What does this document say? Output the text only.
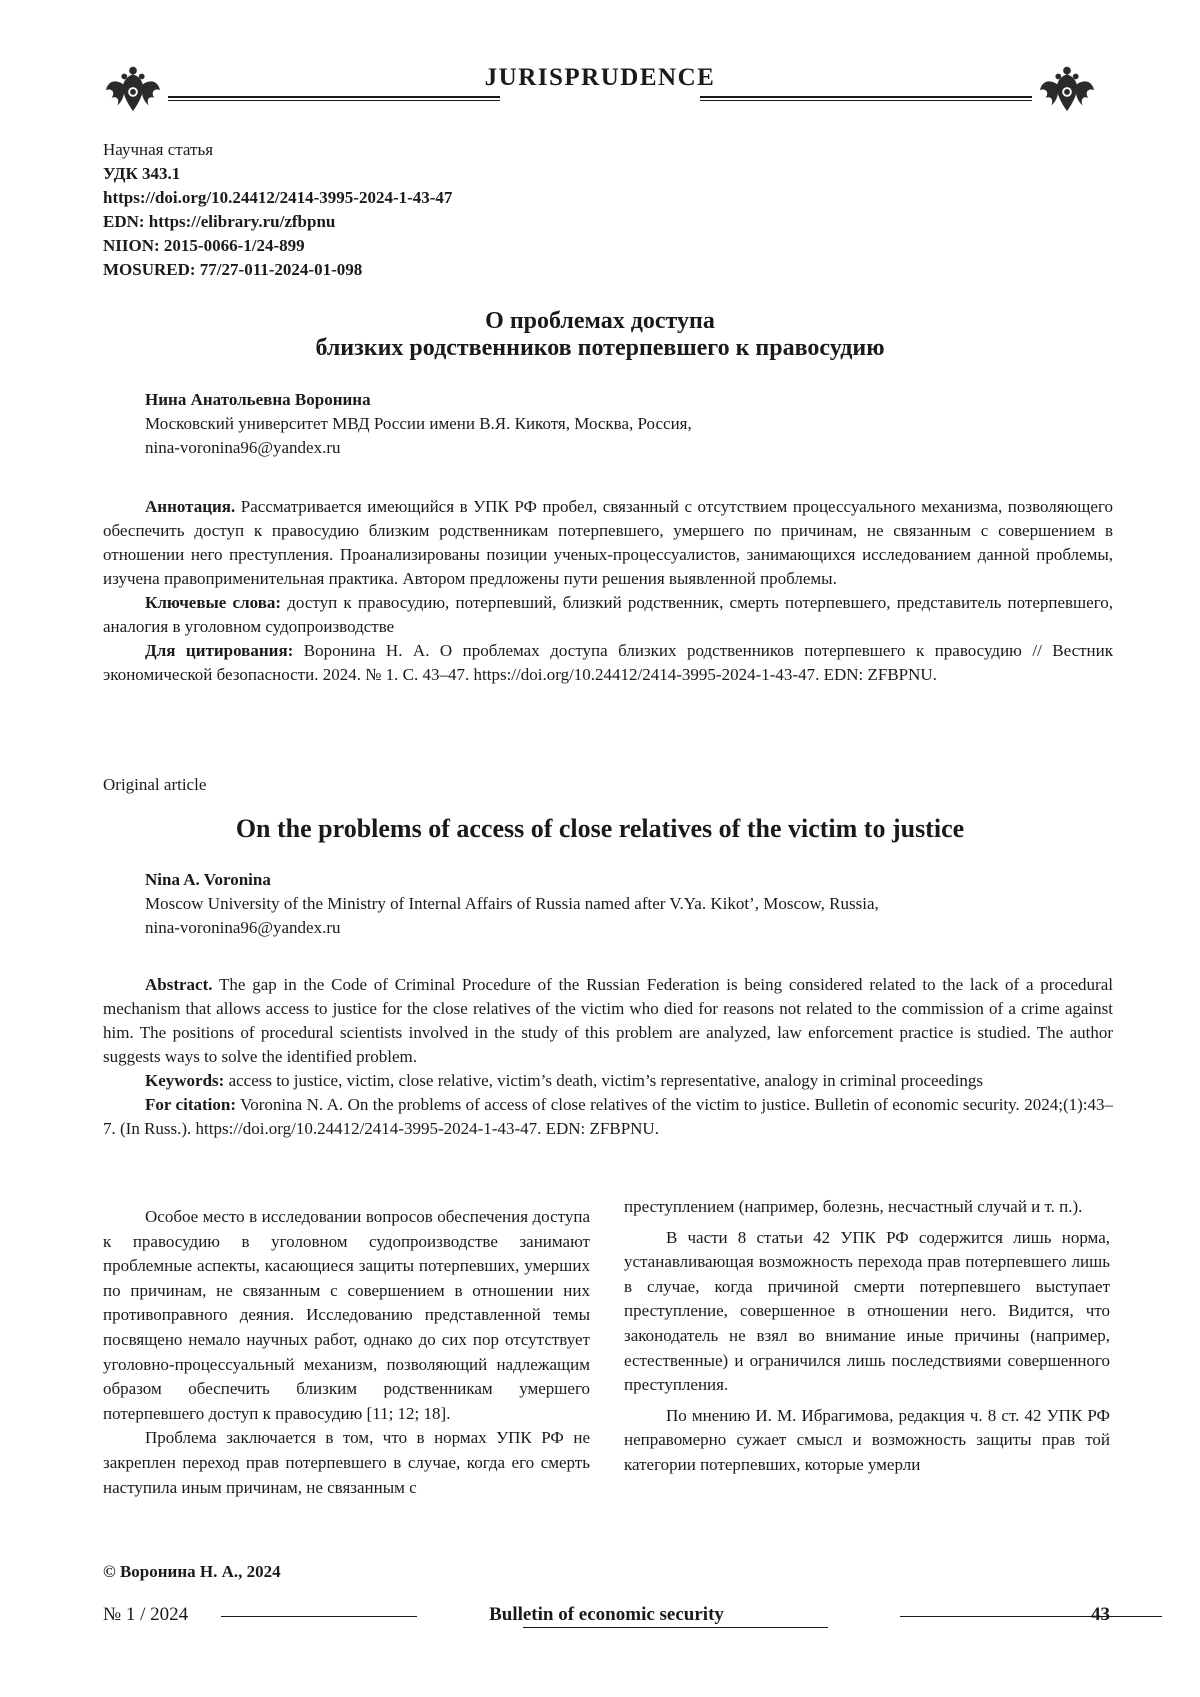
JURISPRUDENCE
Научная статья
УДК 343.1
https://doi.org/10.24412/2414-3995-2024-1-43-47
EDN: https://elibrary.ru/zfbpnu
NIION: 2015-0066-1/24-899
MOSURED: 77/27-011-2024-01-098
О проблемах доступа
близких родственников потерпевшего к правосудию
Нина Анатольевна Воронина
Московский университет МВД России имени В.Я. Кикотя, Москва, Россия,
nina-voronina96@yandex.ru

Аннотация. Рассматривается имеющийся в УПК РФ пробел, связанный с отсутствием процессуального механизма, позволяющего обеспечить доступ к правосудию близким родственникам потерпевшего, умершего по причинам, не связанным с совершением в отношении него преступления. Проанализированы позиции ученых-процессуалистов, занимающихся исследованием данной проблемы, изучена правоприменительная практика. Автором предложены пути решения выявленной проблемы.

Ключевые слова: доступ к правосудию, потерпевший, близкий родственник, смерть потерпевшего, представитель потерпевшего, аналогия в уголовном судопроизводстве

Для цитирования: Воронина Н. А. О проблемах доступа близких родственников потерпевшего к правосудию // Вестник экономической безопасности. 2024. № 1. С. 43–47. https://doi.org/10.24412/2414-3995-2024-1-43-47. EDN: ZFBPNU.

Original article
On the problems of access of close relatives of the victim to justice
Nina A. Voronina
Moscow University of the Ministry of Internal Affairs of Russia named after V.Ya. Kikot’, Moscow, Russia,
nina-voronina96@yandex.ru

Abstract. The gap in the Code of Criminal Procedure of the Russian Federation is being considered related to the lack of a procedural mechanism that allows access to justice for the close relatives of the victim who died for reasons not related to the commission of a crime against him. The positions of procedural scientists involved in the study of this problem are analyzed, law enforcement practice is studied. The author suggests ways to solve the identified problem.

Keywords: access to justice, victim, close relative, victim’s death, victim’s representative, analogy in criminal proceedings

For citation: Voronina N. A. On the problems of access of close relatives of the victim to justice. Bulletin of economic security. 2024;(1):43–7. (In Russ.). https://doi.org/10.24412/2414-3995-2024-1-43-47. EDN: ZFBPNU.

Особое место в исследовании вопросов обеспечения доступа к правосудию в уголовном судопроизводстве занимают проблемные аспекты, касающиеся защиты потерпевших, умерших по причинам, не связанным с совершением в отношении них противоправного деяния. Исследованию представленной темы посвящено немало научных работ, однако до сих пор отсутствует уголовно-процессуальный механизм, позволяющий надлежащим образом обеспечить близким родственникам умершего потерпевшего доступ к правосудию [11; 12; 18].

Проблема заключается в том, что в нормах УПК РФ не закреплен переход прав потерпевшего в случае, когда его смерть наступила иным причинам, не связанным с

преступлением (например, болезнь, несчастный случай и т. п.).

В части 8 статьи 42 УПК РФ содержится лишь норма, устанавливающая возможность перехода прав потерпевшего лишь в случае, когда причиной смерти потерпевшего выступает преступление, совершенное в отношении него. Видится, что законодатель не взял во внимание иные причины (например, естественные) и ограничился лишь последствиями совершенного преступления.

По мнению И. М. Ибрагимова, редакция ч. 8 ст. 42 УПК РФ неправомерно сужает смысл и возможность защиты прав той категории потерпевших, которые умерли

© Воронина Н. А., 2024
№ 1 / 2024	Bulletin of economic security	43
